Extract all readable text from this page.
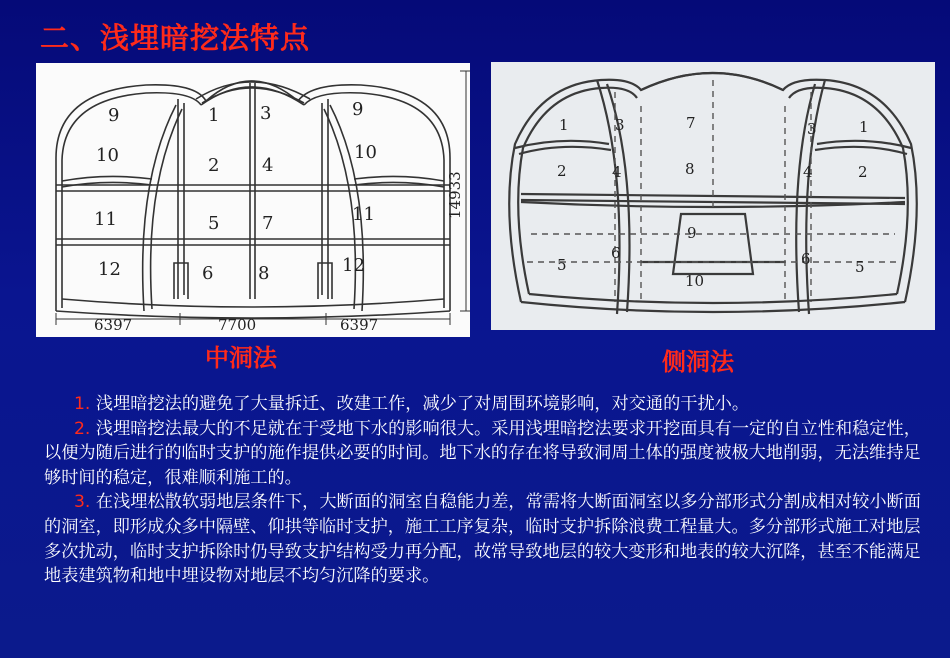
二、浅埋暗挖法特点
9	1 3	9
10	2 4
10
11	5 7	11
12	6 8	12
6397	7700	6397
14933
中洞法
1	3	7	3	1
2	4	8	4	2
9
5
6
10
6	5
侧洞法

1. 浅埋暗挖法的避免了大量拆迁、改建工作，减少了对周围环境影响，对交通的干扰小。

2. 浅埋暗挖法最大的不足就在于受地下水的影响很大。采用浅埋暗挖法要求开挖面具有一定的自立性和稳定性，以便为随后进行的临时支护的施作提供必要的时间。地下水的存在将导致洞周土体的强度被极大地削弱，无法维持足够时间的稳定，很难顺利施工的。

3. 在浅埋松散软弱地层条件下，大断面的洞室自稳能力差，常需将大断面洞室以多分部形式分割成相对较小断面的洞室，即形成众多中隔壁、仰拱等临时支护，施工工序复杂，临时支护拆除浪费工程量大。多分部形式施工对地层多次扰动，临时支护拆除时仍导致支护结构受力再分配，故常导致地层的较大变形和地表的较大沉降，甚至不能满足地表建筑物和地中埋设物对地层不均匀沉降的要求。
